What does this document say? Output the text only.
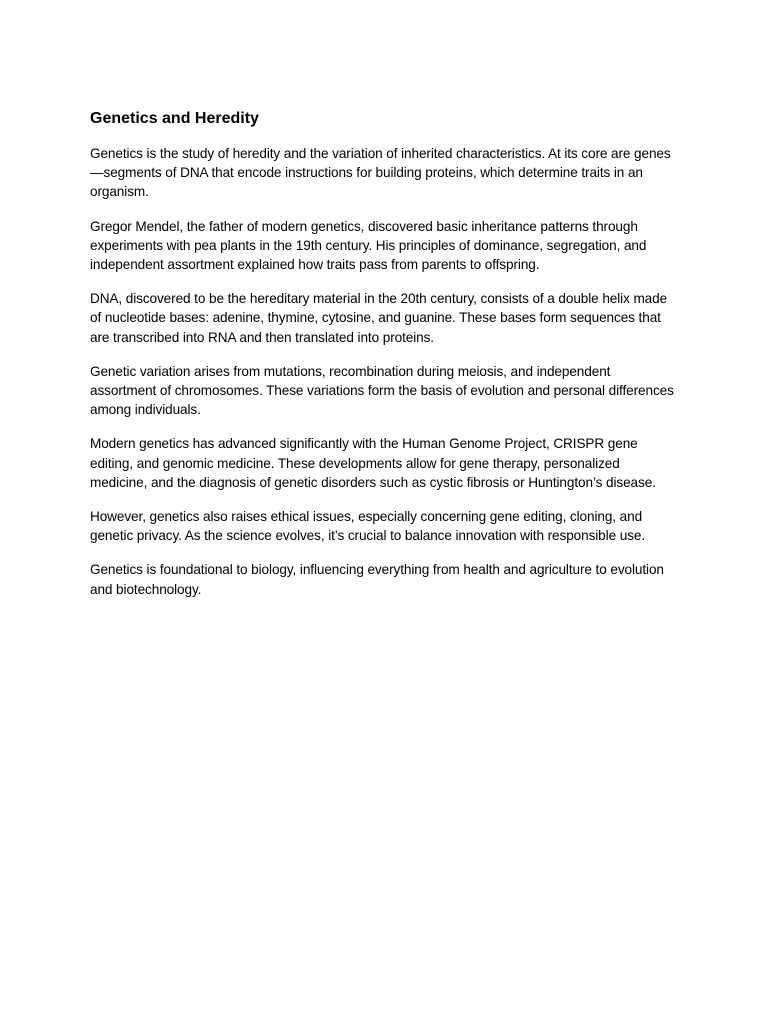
Genetics and Heredity

Genetics is the study of heredity and the variation of inherited characteristics. At its core are genes—segments of DNA that encode instructions for building proteins, which determine traits in an organism.

Gregor Mendel, the father of modern genetics, discovered basic inheritance patterns through experiments with pea plants in the 19th century. His principles of dominance, segregation, and independent assortment explained how traits pass from parents to offspring.

DNA, discovered to be the hereditary material in the 20th century, consists of a double helix made of nucleotide bases: adenine, thymine, cytosine, and guanine. These bases form sequences that are transcribed into RNA and then translated into proteins.

Genetic variation arises from mutations, recombination during meiosis, and independent assortment of chromosomes. These variations form the basis of evolution and personal differences among individuals.

Modern genetics has advanced significantly with the Human Genome Project, CRISPR gene editing, and genomic medicine. These developments allow for gene therapy, personalized medicine, and the diagnosis of genetic disorders such as cystic fibrosis or Huntington’s disease.

However, genetics also raises ethical issues, especially concerning gene editing, cloning, and genetic privacy. As the science evolves, it’s crucial to balance innovation with responsible use.

Genetics is foundational to biology, influencing everything from health and agriculture to evolution and biotechnology.
